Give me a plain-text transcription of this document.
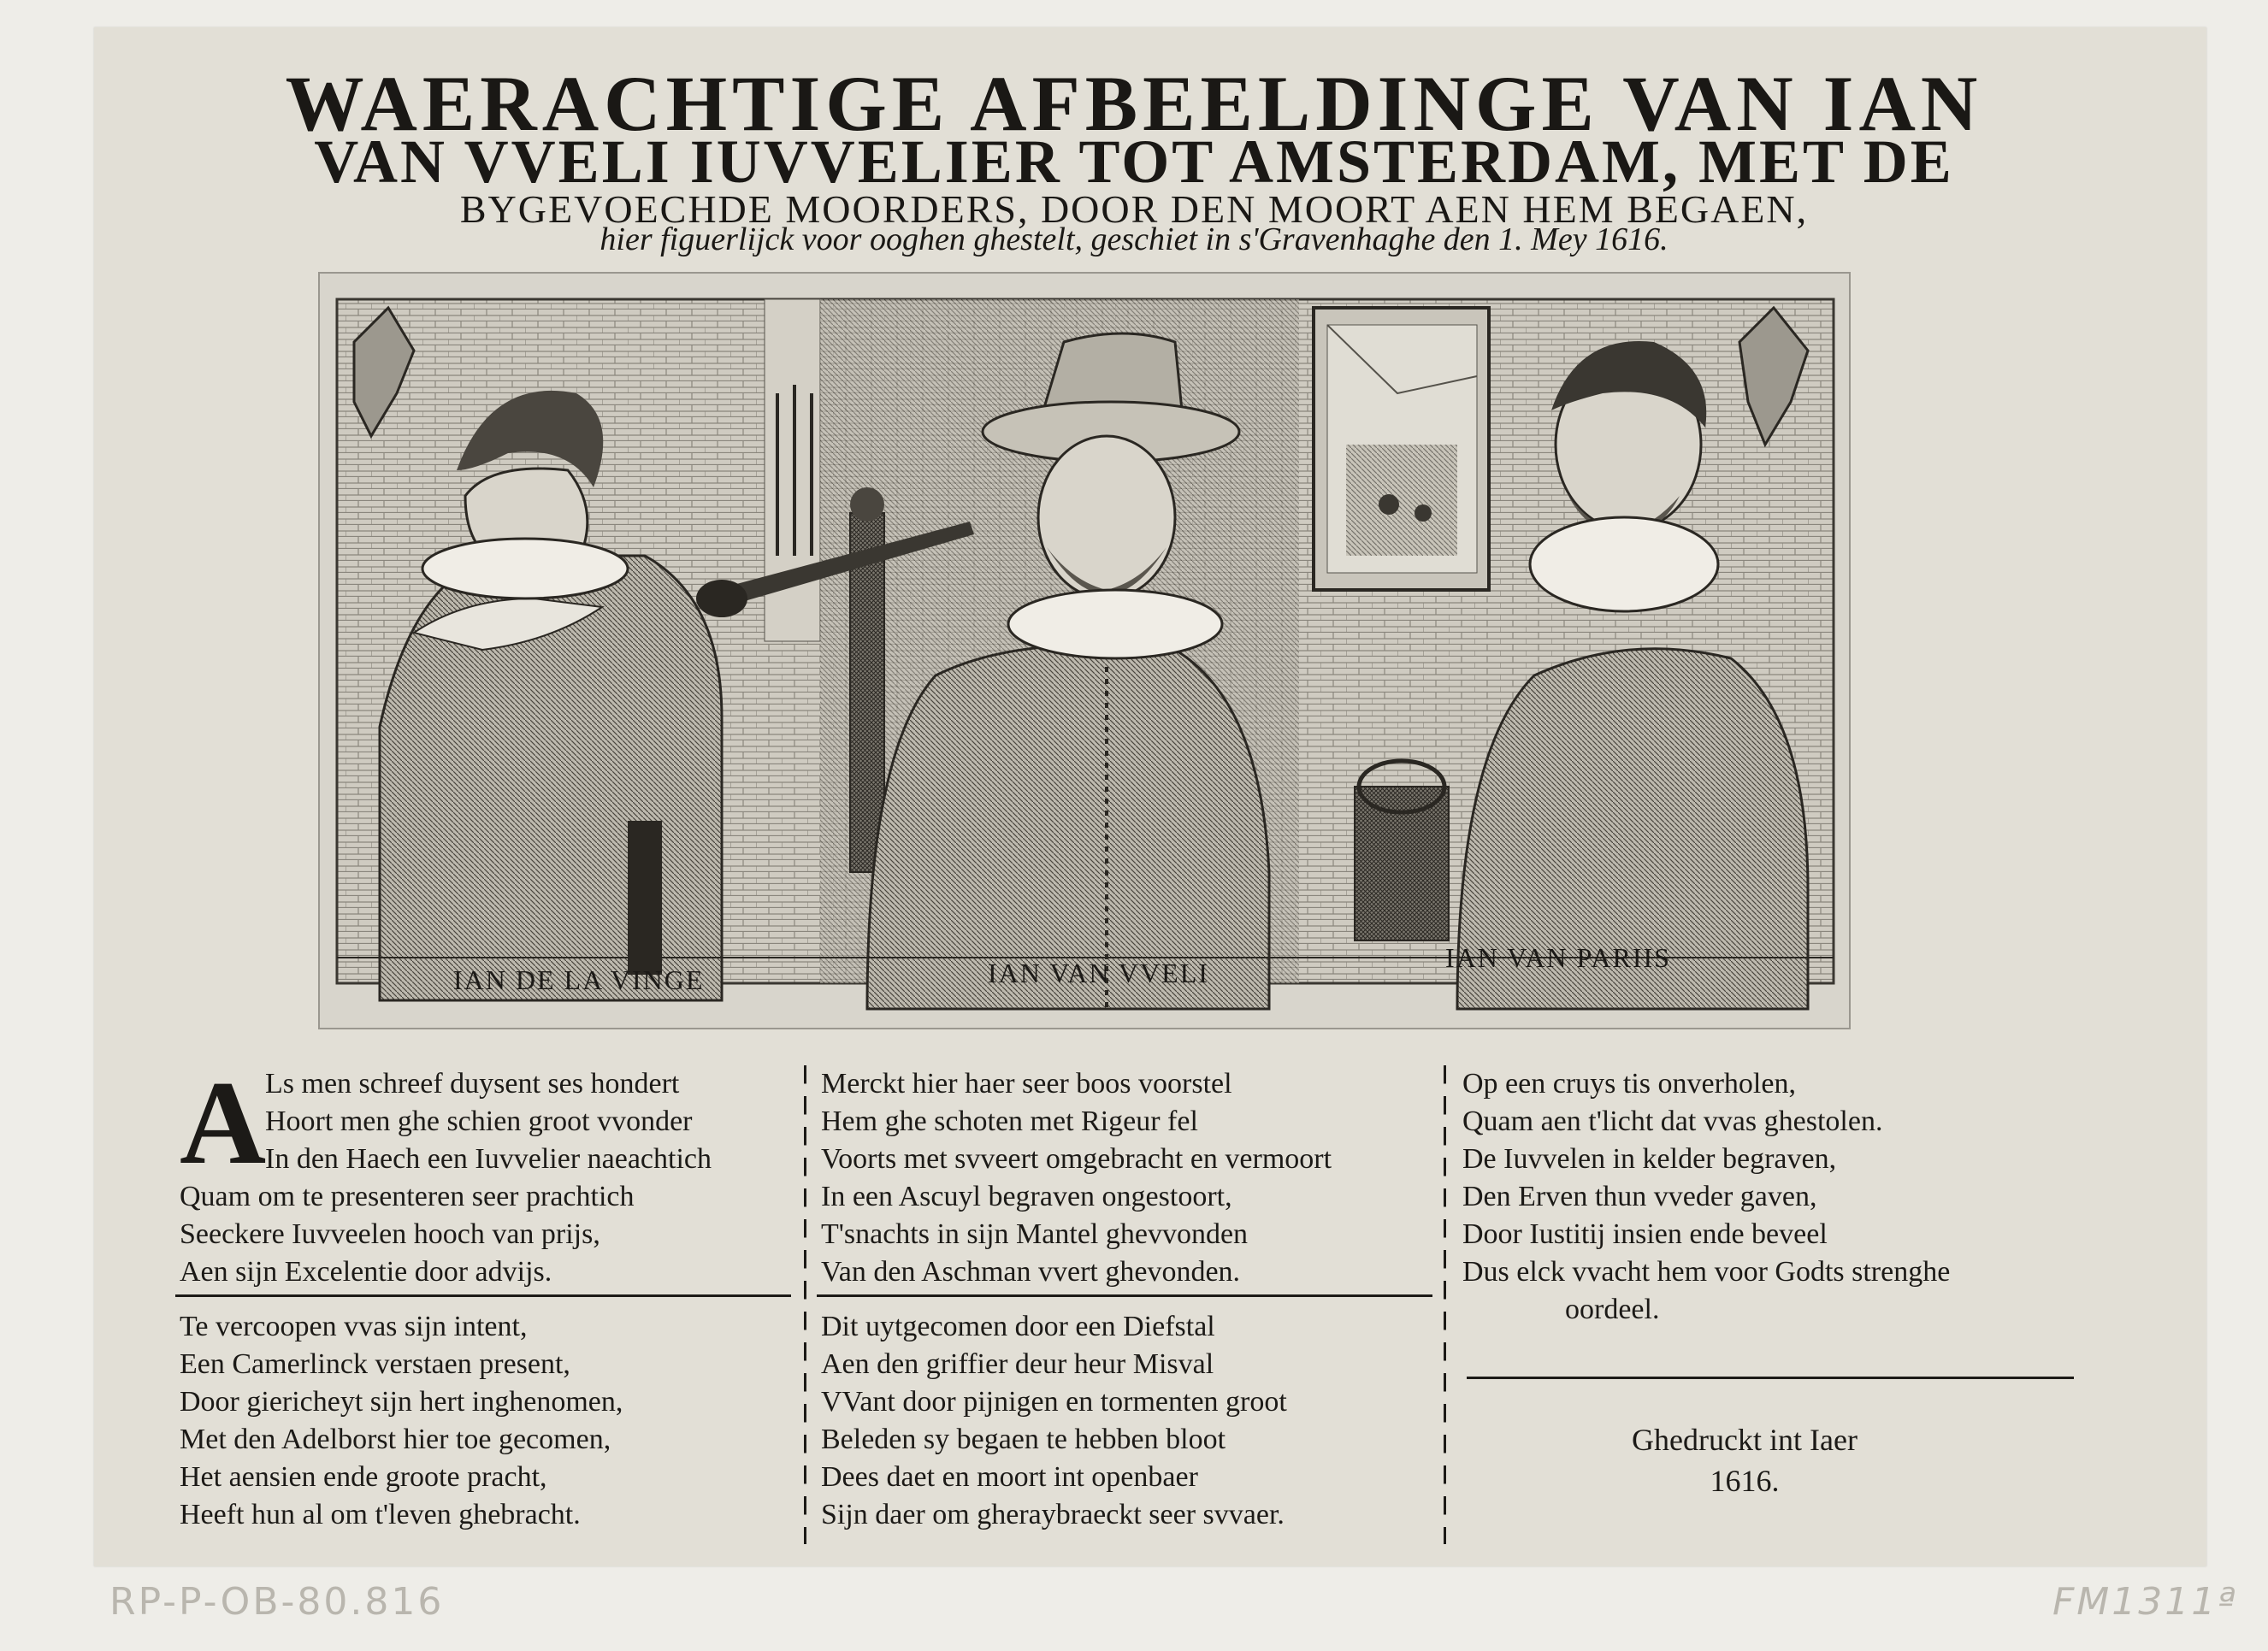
WAERACHTIGE AFBEELDINGE VAN IAN
VAN VVELI IUVVELIER TOT AMSTERDAM, MET DE
BYGEVOECHDE MOORDERS, DOOR DEN MOORT AEN HEM BEGAEN,
hier figuerlijck voor ooghen ghestelt, geschiet in s'Gravenhaghe den 1. Mey 1616.
IAN DE LA VINGE	IAN VAN VVELI	IAN VAN PARIIS
A
Ls men schreef duysent ses hondert
Hoort men ghe schien groot vvonder
In den Haech een Iuvvelier naeachtich
Quam om te presenteren seer prachtich
Seeckere Iuvveelen hooch van prijs,
Aen sijn Excelentie door advijs.
Te vercoopen vvas sijn intent,
Een Camerlinck verstaen present,
Door giericheyt sijn hert inghenomen,
Met den Adelborst hier toe gecomen,
Het aensien ende groote pracht,
Heeft hun al om t'leven ghebracht.
Merckt hier haer seer boos voorstel
Hem ghe schoten met Rigeur fel
Voorts met svveert omgebracht en vermoort
In een Ascuyl begraven ongestoort,
T'snachts in sijn Mantel ghevvonden
Van den Aschman vvert ghevonden.
Dit uytgecomen door een Diefstal
Aen den griffier deur heur Misval
VVant door pijnigen en tormenten groot
Beleden sy begaen te hebben bloot
Dees daet en moort int openbaer
Sijn daer om gheraybraeckt seer svvaer.
Op een cruys tis onverholen,
Quam aen t'licht dat vvas ghestolen.
De Iuvvelen in kelder begraven,
Den Erven thun vveder gaven,
Door Iustitij insien ende beveel
Dus elck vvacht hem voor Godts strenghe
oordeel.
Ghedruckt int Iaer
1616.
RP-P-OB-80.816	FM1311ª
